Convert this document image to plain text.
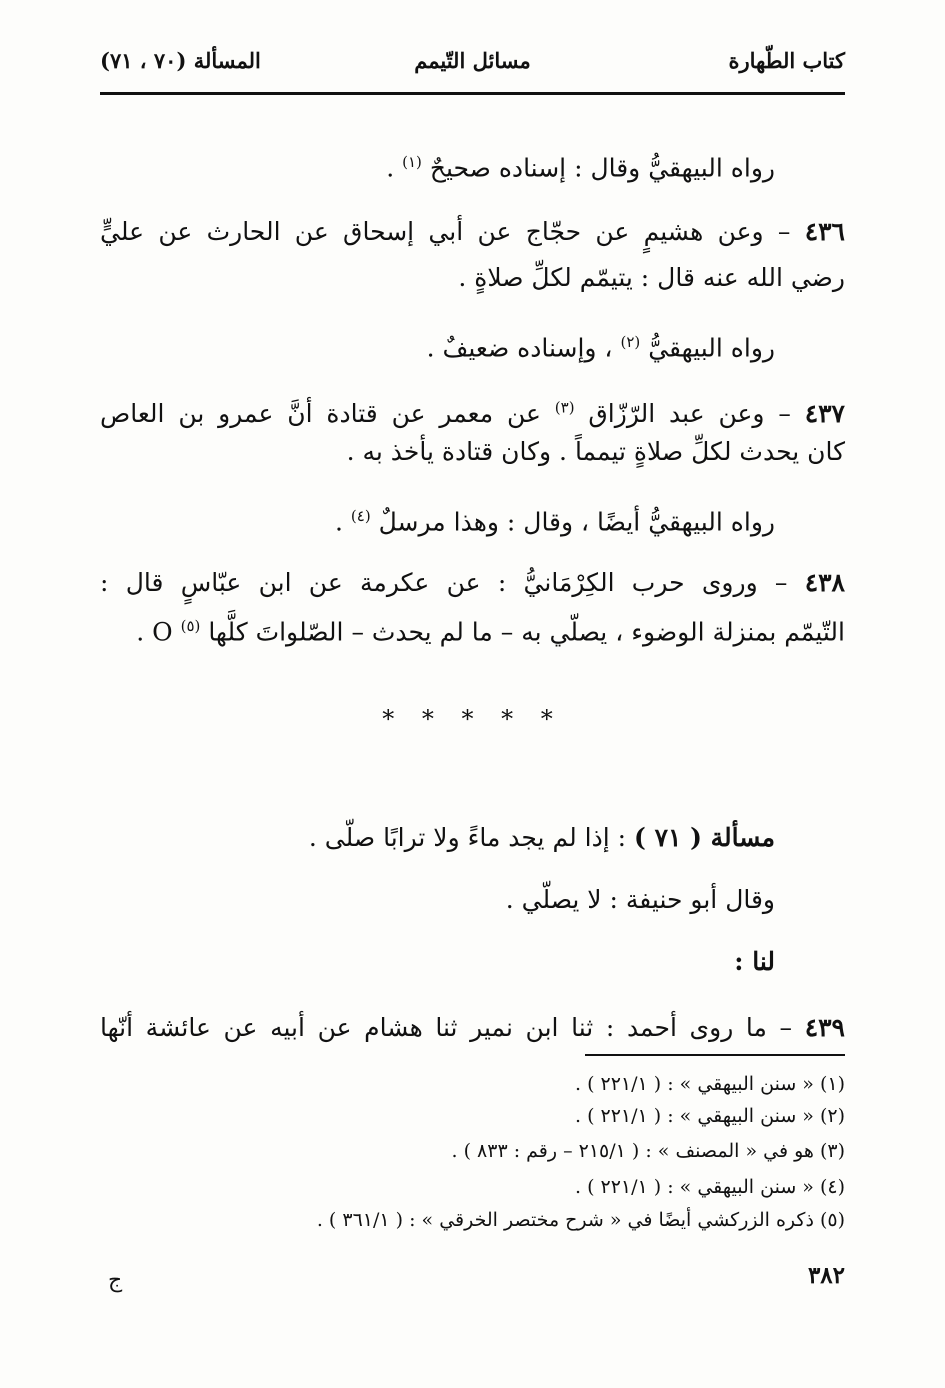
كتاب الطّهارة
مسائل التّيمم
المسألة (٧٠ ، ٧١)
رواه البيهقيُّ وقال : إسناده صحيحٌ $^{(١)}$ .
٤٣٦ – وعن هشيمٍ عن حجّاج عن أبي إسحاق عن الحارث عن عليٍّ
رضي الله عنه قال : يتيمّم لكلِّ صلاةٍ .
رواه البيهقيُّ $^{(٢)}$ ، وإسناده ضعيفٌ .
٤٣٧ – وعن عبد الرّزّاق $^{(٣)}$ عن معمر عن قتادة أنَّ عمرو بن العاص
كان يحدث لكلِّ صلاةٍ تيمماً . وكان قتادة يأخذ به .
رواه البيهقيُّ أيضًا ، وقال : وهذا مرسلٌ $^{(٤)}$ .
٤٣٨ – وروى حرب الكِرْمَانيُّ : عن عكرمة عن ابن عبّاسٍ قال :
التّيمّم بمنزلة الوضوء ، يصلّي به – ما لم يحدث – الصّلواتَ كلَّها $^{(٥)}$ O .
* * * * *
مسألة ( ٧١ ) : إذا لم يجد ماءً ولا ترابًا صلّى .
وقال أبو حنيفة : لا يصلّي .
لنا :
٤٣٩ – ما روى أحمد : ثنا ابن نمير ثنا هشام عن أبيه عن عائشة أنّها
(١) « سنن البيهقي » : ( ٢٢١/١ ) .
(٢) « سنن البيهقي » : ( ٢٢١/١ ) .
(٣) هو في « المصنف » : ( ٢١٥/١ – رقم : ٨٣٣ ) .
(٤) « سنن البيهقي » : ( ٢٢١/١ ) .
(٥) ذكره الزركشي أيضًا في « شرح مختصر الخرقي » : ( ٣٦١/١ ) .
٣٨٢
ج
